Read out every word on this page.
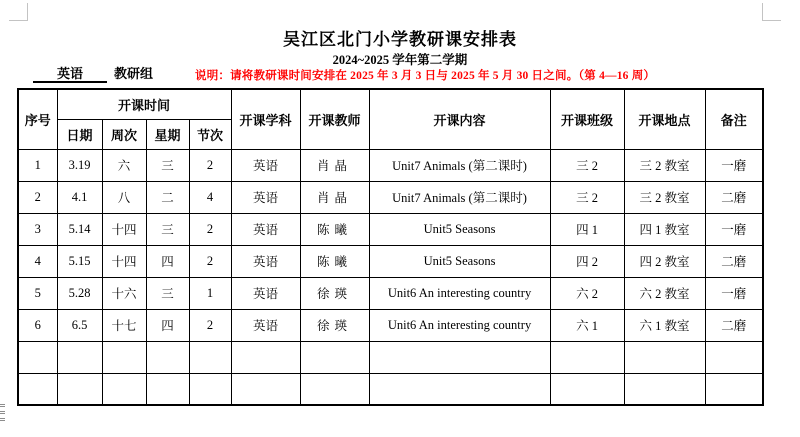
吴江区北门小学教研课安排表
2024~2025 学年第二学期
英语	教研组	说明：请将教研课时间安排在 2025 年 3 月 3 日与 2025 年 5 月 30 日之间。（第 4—16 周）
序号	开课时间				开课学科	开课教师	开课内容	开课班级	开课地点	备注
	日期	周次	星期	节次						
1	3.19	六	三	2	英语	肖晶	Unit7 Animals (第二课时)	三 2	三 2 教室	一磨
2	4.1	八	二	4	英语	肖晶	Unit7 Animals (第二课时)	三 2	三 2 教室	二磨
3	5.14	十四	三	2	英语	陈曦	Unit5 Seasons	四 1	四 1 教室	一磨
4	5.15	十四	四	2	英语	陈曦	Unit5 Seasons	四 2	四 2 教室	二磨
5	5.28	十六	三	1	英语	徐瑛	Unit6 An interesting country	六 2	六 2 教室	一磨
6	6.5	十七	四	2	英语	徐瑛	Unit6 An interesting country	六 1	六 1 教室	二磨
